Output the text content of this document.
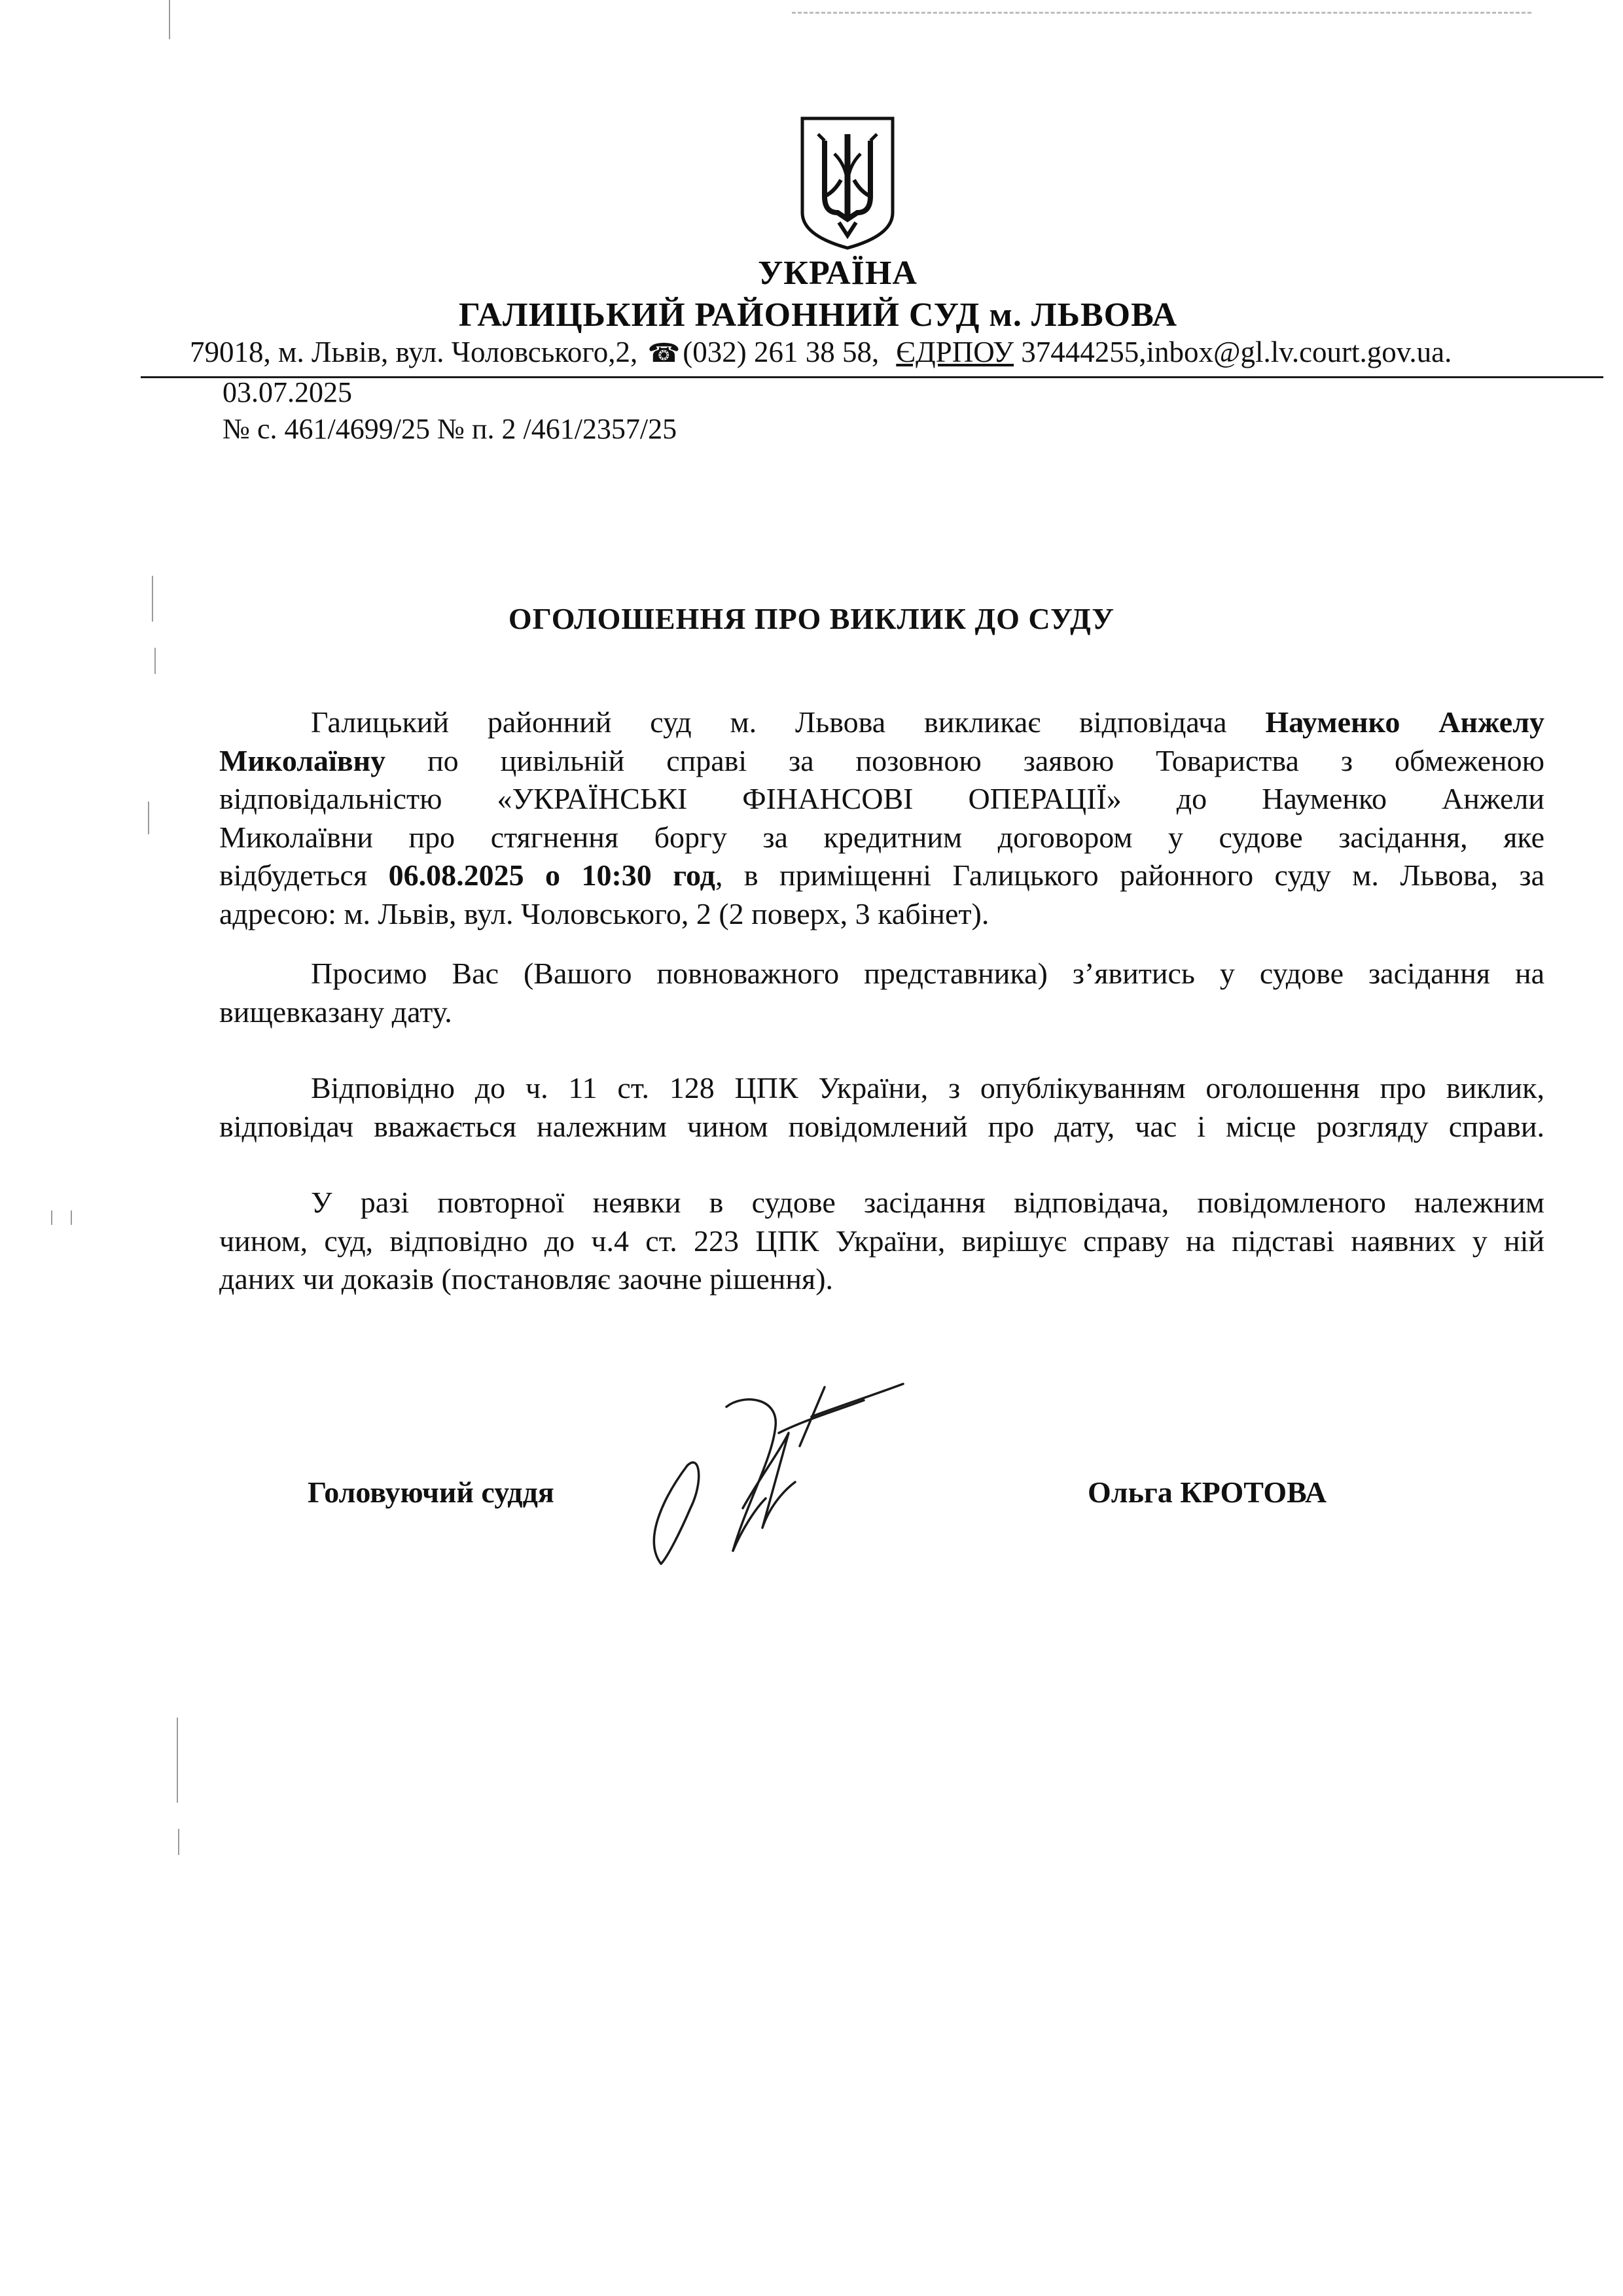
УКРАЇНА
ГАЛИЦЬКИЙ РАЙОННИЙ СУД м. ЛЬВОВА
79018, м. Львів, вул. Чоловського,2, ☎(032) 261 38 58, ЄДРПОУ 37444255,inbox@gl.lv.court.gov.ua.
03.07.2025
№ с. 461/4699/25 № п. 2 /461/2357/25
ОГОЛОШЕННЯ ПРО ВИКЛИК ДО СУДУ
Галицький районний суд м. Львова викликає відповідача Науменко Анжелу
Миколаївну по цивільній справі за позовною заявою Товариства з обмеженою
відповідальністю «УКРАЇНСЬКІ ФІНАНСОВІ ОПЕРАЦІЇ» до Науменко Анжели
Миколаївни про стягнення боргу за кредитним договором у судове засідання, яке
відбудеться 06.08.2025 о 10:30 год, в приміщенні Галицького районного суду м. Львова, за
адресою: м. Львів, вул. Чоловського, 2 (2 поверх, 3 кабінет).
Просимо Вас (Вашого повноважного представника) з’явитись у судове засідання на
вищевказану дату.
Відповідно до ч. 11 ст. 128 ЦПК України, з опублікуванням оголошення про виклик,
відповідач вважається належним чином повідомлений про дату, час і місце розгляду справи.
У разі повторної неявки в судове засідання відповідача, повідомленого належним
чином, суд, відповідно до ч.4 ст. 223 ЦПК України, вирішує справу на підставі наявних у ній
даних чи доказів (постановляє заочне рішення).
Головуючий суддя	Ольга КРОТОВА
